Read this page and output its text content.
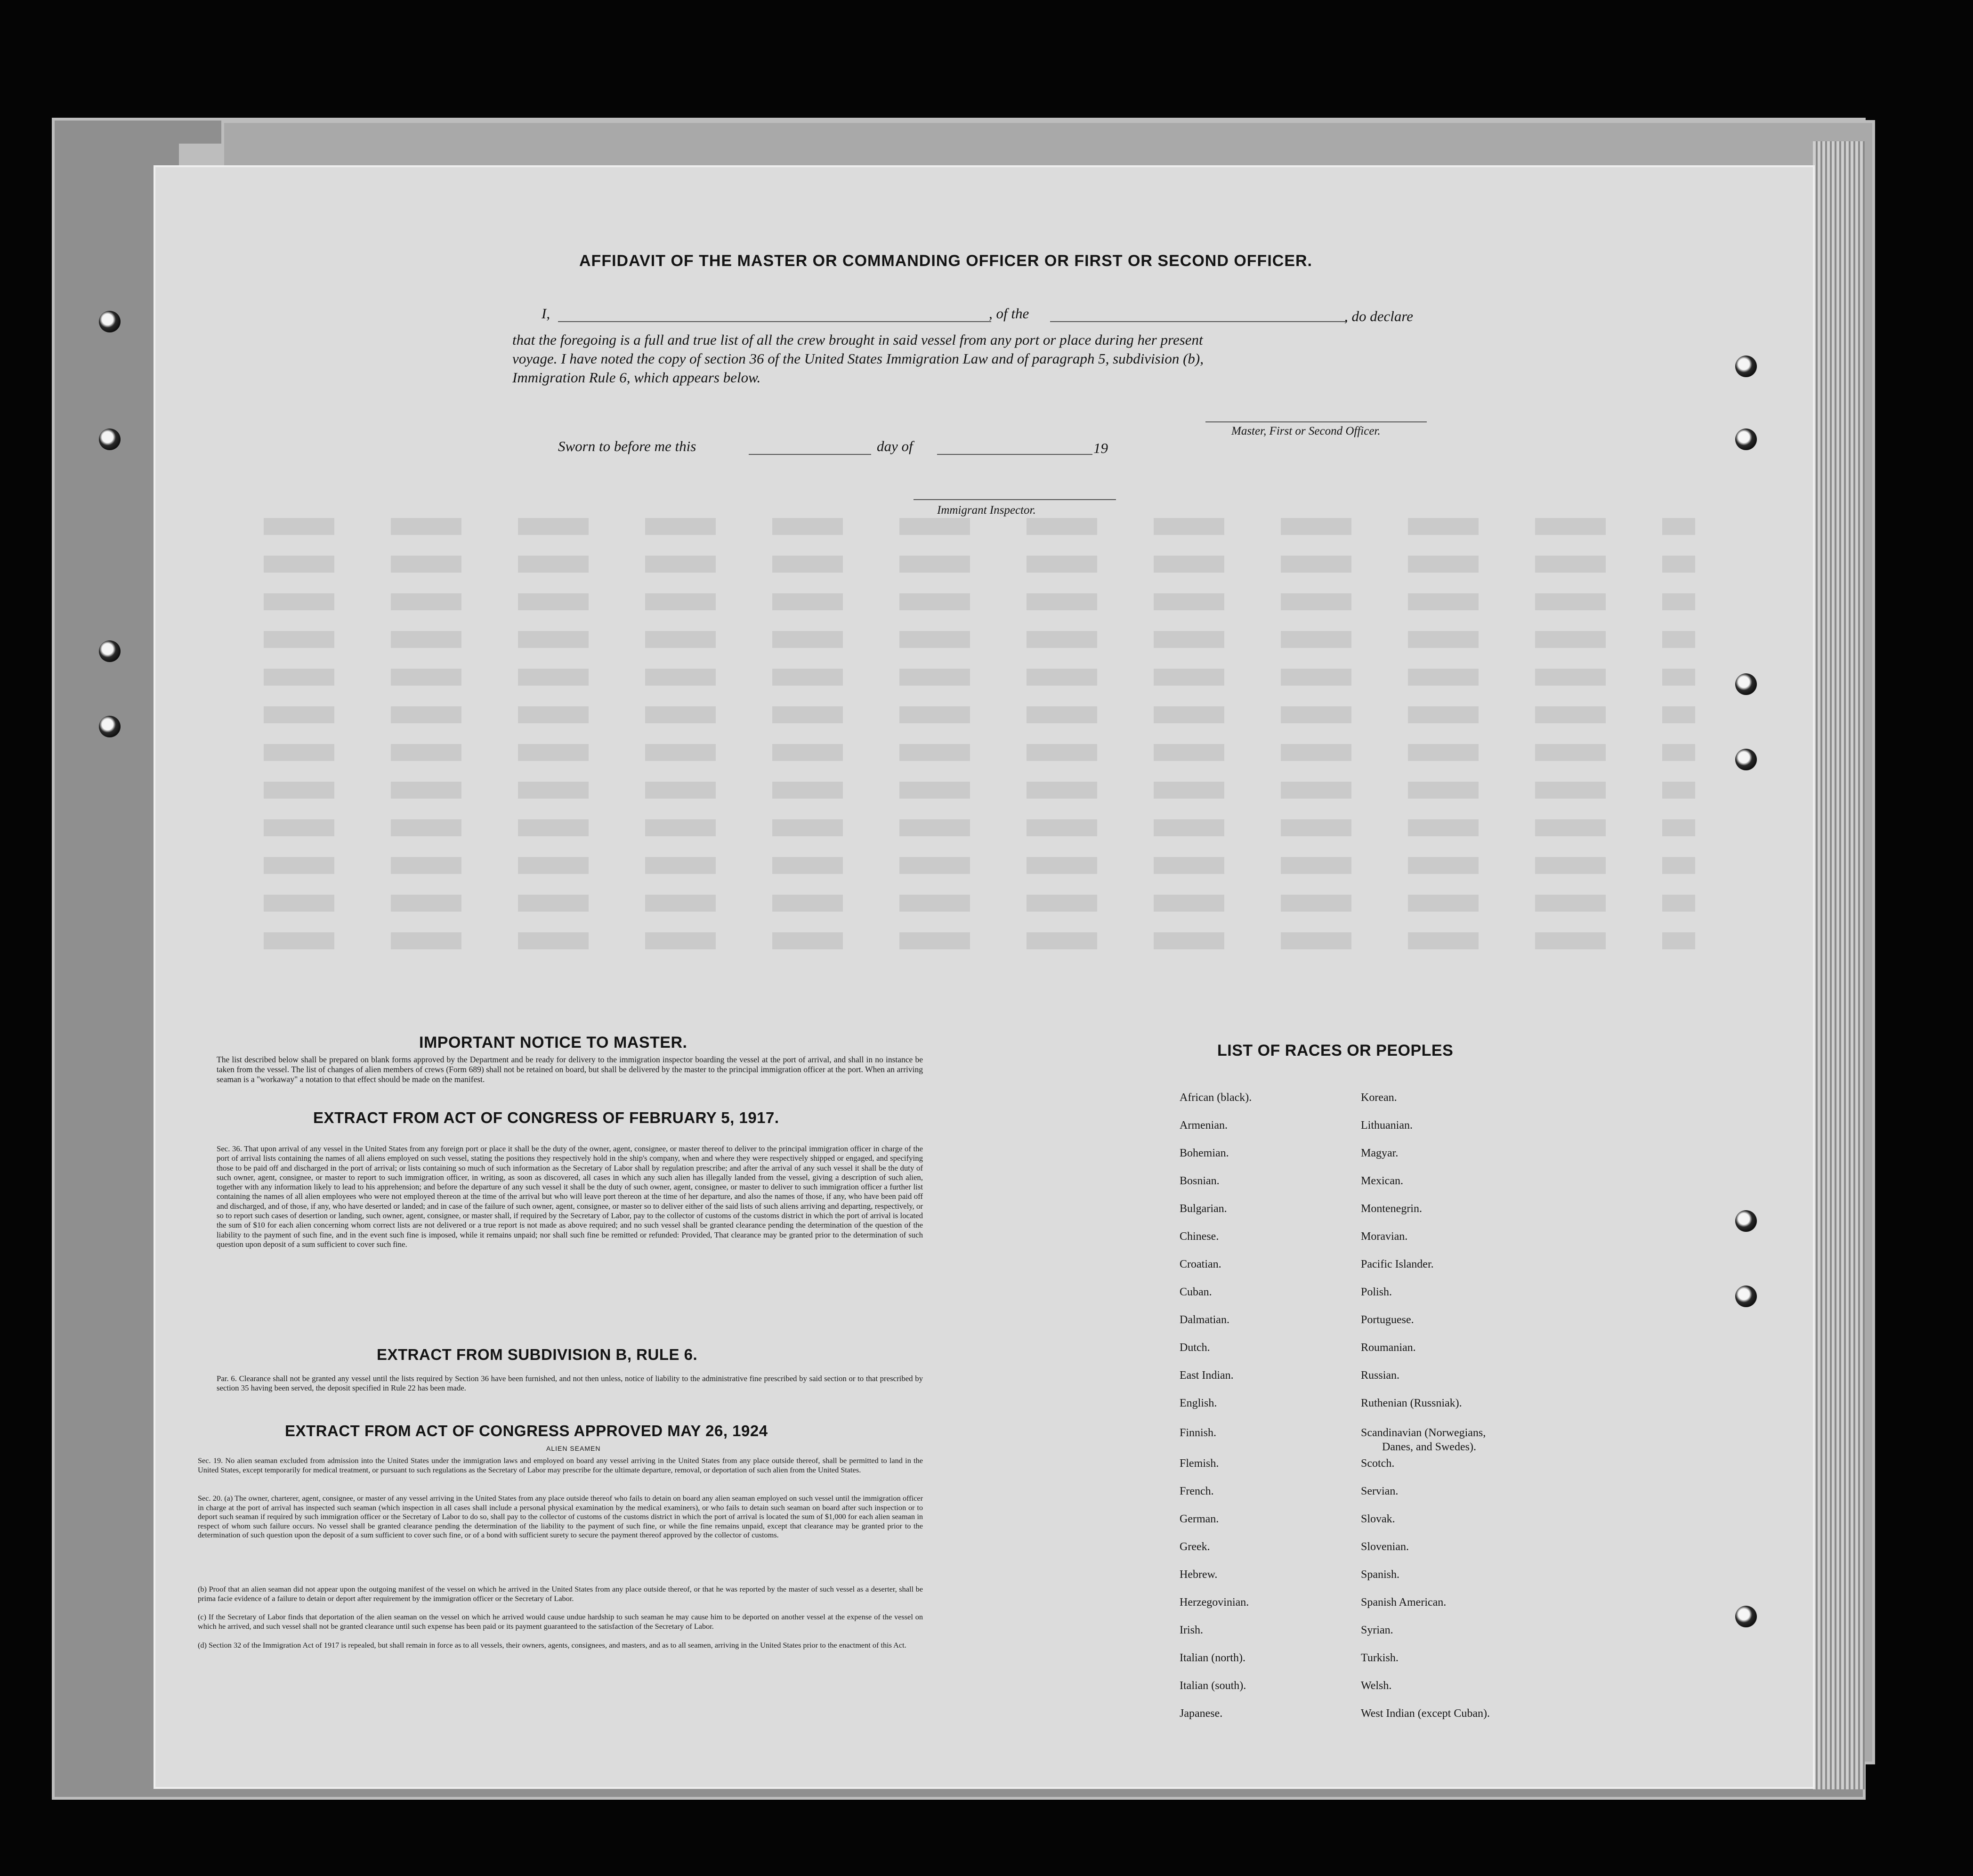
AFFIDAVIT OF THE MASTER OR COMMANDING OFFICER OR FIRST OR SECOND OFFICER.
I,	, of the	, do declare
that the foregoing is a full and true list of all the crew brought in said vessel from any port or place during her present
voyage. I have noted the copy of section 36 of the United States Immigration Law and of paragraph 5, subdivision (b),
Immigration Rule 6, which appears below.
Master, First or Second Officer.
Sworn to before me this	day of	19
Immigrant Inspector.
IMPORTANT NOTICE TO MASTER.
The list described below shall be prepared on blank forms approved by the Department and be ready for delivery to the immigration inspector boarding the vessel at the port of arrival, and shall in no instance be taken from the vessel. The list of changes of alien members of crews (Form 689) shall not be retained on board, but shall be delivered by the master to the principal immigration officer at the port. When an arriving seaman is a "workaway" a notation to that effect should be made on the manifest.
EXTRACT FROM ACT OF CONGRESS OF FEBRUARY 5, 1917.
Sec. 36. That upon arrival of any vessel in the United States from any foreign port or place it shall be the duty of the owner, agent, consignee, or master thereof to deliver to the principal immigration officer in charge of the port of arrival lists containing the names of all aliens employed on such vessel, stating the positions they respectively hold in the ship's company, when and where they were respectively shipped or engaged, and specifying those to be paid off and discharged in the port of arrival; or lists containing so much of such information as the Secretary of Labor shall by regulation prescribe; and after the arrival of any such vessel it shall be the duty of such owner, agent, consignee, or master to report to such immigration officer, in writing, as soon as discovered, all cases in which any such alien has illegally landed from the vessel, giving a description of such alien, together with any information likely to lead to his apprehension; and before the departure of any such vessel it shall be the duty of such owner, agent, consignee, or master to deliver to such immigration officer a further list containing the names of all alien employees who were not employed thereon at the time of the arrival but who will leave port thereon at the time of her departure, and also the names of those, if any, who have been paid off and discharged, and of those, if any, who have deserted or landed; and in case of the failure of such owner, agent, consignee, or master so to deliver either of the said lists of such aliens arriving and departing, respectively, or so to report such cases of desertion or landing, such owner, agent, consignee, or master shall, if required by the Secretary of Labor, pay to the collector of customs of the customs district in which the port of arrival is located the sum of $10 for each alien concerning whom correct lists are not delivered or a true report is not made as above required; and no such vessel shall be granted clearance pending the determination of the question of the liability to the payment of such fine, and in the event such fine is imposed, while it remains unpaid; nor shall such fine be remitted or refunded: Provided, That clearance may be granted prior to the determination of such question upon deposit of a sum sufficient to cover such fine.
EXTRACT FROM SUBDIVISION B, RULE 6.
Par. 6. Clearance shall not be granted any vessel until the lists required by Section 36 have been furnished, and not then unless, notice of liability to the administrative fine prescribed by said section or to that prescribed by section 35 having been served, the deposit specified in Rule 22 has been made.
EXTRACT FROM ACT OF CONGRESS APPROVED MAY 26, 1924
ALIEN SEAMEN
Sec. 19. No alien seaman excluded from admission into the United States under the immigration laws and employed on board any vessel arriving in the United States from any place outside thereof, shall be permitted to land in the United States, except temporarily for medical treatment, or pursuant to such regulations as the Secretary of Labor may prescribe for the ultimate departure, removal, or deportation of such alien from the United States.
Sec. 20. (a) The owner, charterer, agent, consignee, or master of any vessel arriving in the United States from any place outside thereof who fails to detain on board any alien seaman employed on such vessel until the immigration officer in charge at the port of arrival has inspected such seaman (which inspection in all cases shall include a personal physical examination by the medical examiners), or who fails to detain such seaman on board after such inspection or to deport such seaman if required by such immigration officer or the Secretary of Labor to do so, shall pay to the collector of customs of the customs district in which the port of arrival is located the sum of $1,000 for each alien seaman in respect of whom such failure occurs. No vessel shall be granted clearance pending the determination of the liability to the payment of such fine, or while the fine remains unpaid, except that clearance may be granted prior to the determination of such question upon the deposit of a sum sufficient to cover such fine, or of a bond with sufficient surety to secure the payment thereof approved by the collector of customs.
(b) Proof that an alien seaman did not appear upon the outgoing manifest of the vessel on which he arrived in the United States from any place outside thereof, or that he was reported by the master of such vessel as a deserter, shall be prima facie evidence of a failure to detain or deport after requirement by the immigration officer or the Secretary of Labor.
(c) If the Secretary of Labor finds that deportation of the alien seaman on the vessel on which he arrived would cause undue hardship to such seaman he may cause him to be deported on another vessel at the expense of the vessel on which he arrived, and such vessel shall not be granted clearance until such expense has been paid or its payment guaranteed to the satisfaction of the Secretary of Labor.
(d) Section 32 of the Immigration Act of 1917 is repealed, but shall remain in force as to all vessels, their owners, agents, consignees, and masters, and as to all seamen, arriving in the United States prior to the enactment of this Act.
LIST OF RACES OR PEOPLES
African (black).
Armenian.
Bohemian.
Bosnian.
Bulgarian.
Chinese.
Croatian.
Cuban.
Dalmatian.
Dutch.
East Indian.
English.
Finnish.
Flemish.
French.
German.
Greek.
Hebrew.
Herzegovinian.
Irish.
Italian (north).
Italian (south).
Japanese.
Korean.
Lithuanian.
Magyar.
Mexican.
Montenegrin.
Moravian.
Pacific Islander.
Polish.
Portuguese.
Roumanian.
Russian.
Ruthenian (Russniak).
Scandinavian (Norwegians,
Danes, and Swedes).
Scotch.
Servian.
Slovak.
Slovenian.
Spanish.
Spanish American.
Syrian.
Turkish.
Welsh.
West Indian (except Cuban).
